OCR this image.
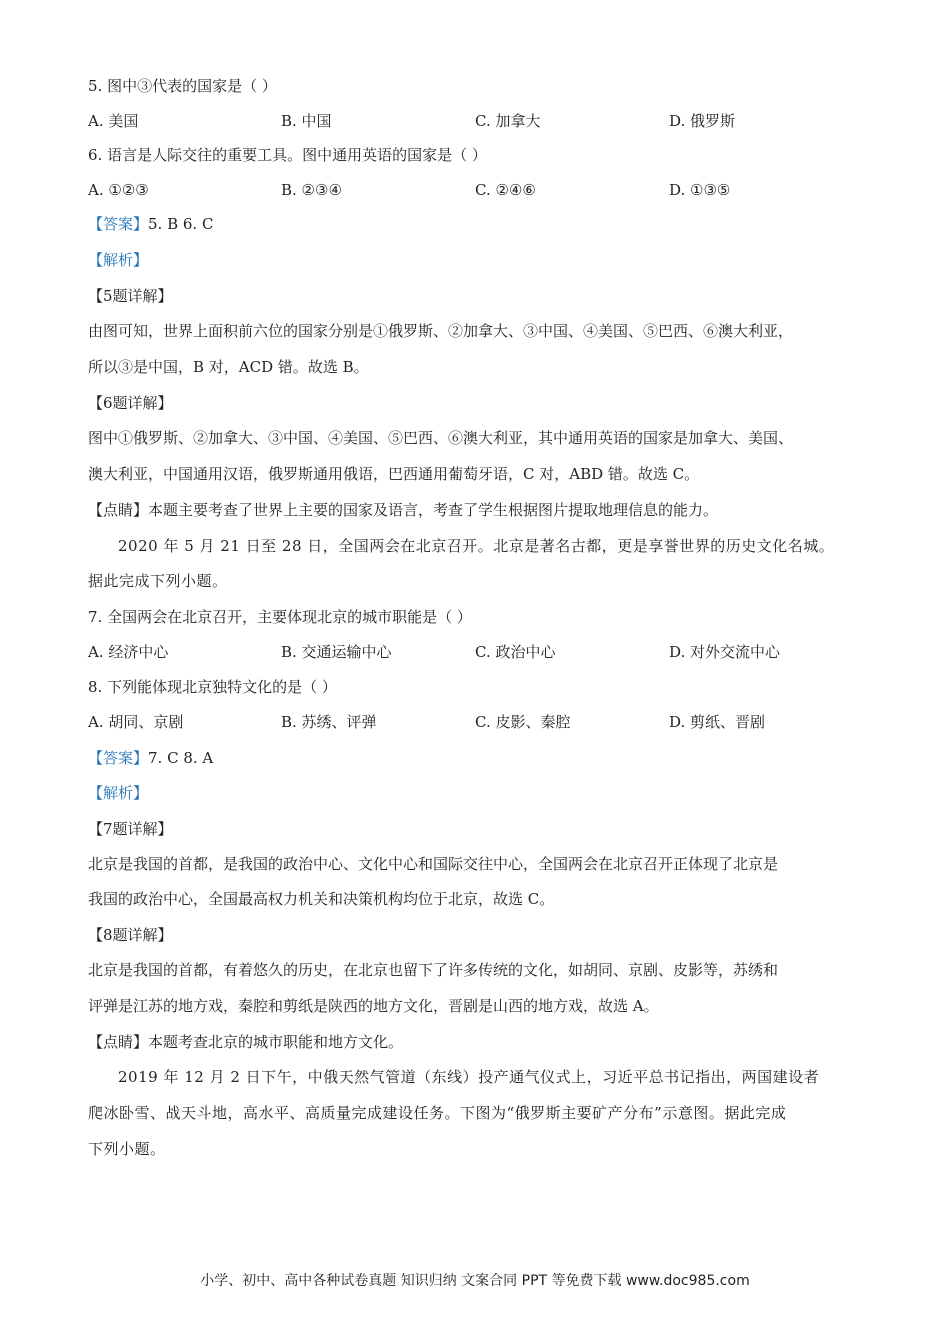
5. 图中③代表的国家是（ ）
A. 美国	B. 中国	C. 加拿大	D. 俄罗斯
6. 语言是人际交往的重要工具。图中通用英语的国家是（ ）
A. ①②③	B. ②③④	C. ②④⑥	D. ①③⑤
【答案】5. B 6. C
【解析】
【5题详解】
由图可知，世界上面积前六位的国家分别是①俄罗斯、②加拿大、③中国、④美国、⑤巴西、⑥澳大利亚，
所以③是中国，B 对，ACD 错。故选 B。
【6题详解】
图中①俄罗斯、②加拿大、③中国、④美国、⑤巴西、⑥澳大利亚，其中通用英语的国家是加拿大、美国、
澳大利亚，中国通用汉语，俄罗斯通用俄语，巴西通用葡萄牙语，C 对，ABD 错。故选 C。
【点睛】本题主要考查了世界上主要的国家及语言，考查了学生根据图片提取地理信息的能力。
2020 年 5 月 21 日至 28 日，全国两会在北京召开。北京是著名古都，更是享誉世界的历史文化名城。
据此完成下列小题。
7. 全国两会在北京召开，主要体现北京的城市职能是（ ）
A. 经济中心	B. 交通运输中心	C. 政治中心	D. 对外交流中心
8. 下列能体现北京独特文化的是（ ）
A. 胡同、京剧	B. 苏绣、评弹	C. 皮影、秦腔	D. 剪纸、晋剧
【答案】7. C 8. A
【解析】
【7题详解】
北京是我国的首都，是我国的政治中心、文化中心和国际交往中心，全国两会在北京召开正体现了北京是
我国的政治中心，全国最高权力机关和决策机构均位于北京，故选 C。
【8题详解】
北京是我国的首都，有着悠久的历史，在北京也留下了许多传统的文化，如胡同、京剧、皮影等，苏绣和
评弹是江苏的地方戏，秦腔和剪纸是陕西的地方文化，晋剧是山西的地方戏，故选 A。
【点睛】本题考查北京的城市职能和地方文化。
2019 年 12 月 2 日下午，中俄天然气管道（东线）投产通气仪式上，习近平总书记指出，两国建设者
爬冰卧雪、战天斗地，高水平、高质量完成建设任务。下图为“俄罗斯主要矿产分布”示意图。据此完成
下列小题。
小学、初中、高中各种试卷真题 知识归纳 文案合同 PPT 等免费下载 www.doc985.com
